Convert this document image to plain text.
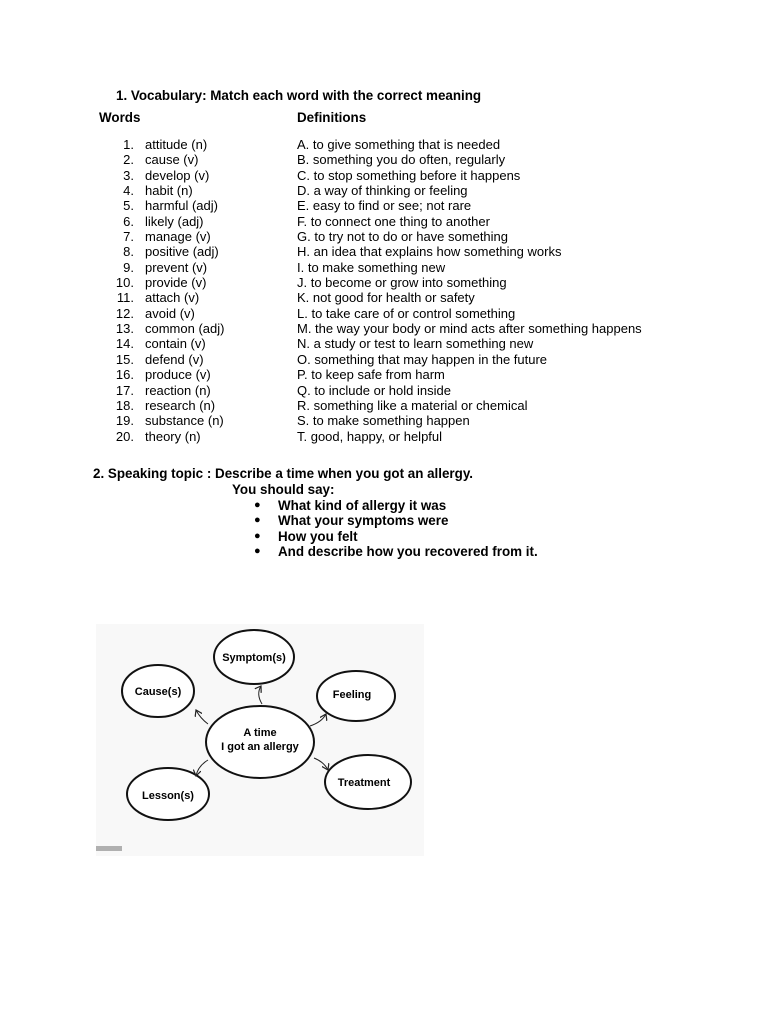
1. Vocabulary: Match each word with the correct meaning
Words	Definitions
1. attitude (n)	A. to give something that is needed
2. cause (v)	B. something you do often, regularly
3. develop (v)	C. to stop something before it happens
4. habit (n)	D. a way of thinking or feeling
5. harmful (adj)	E. easy to find or see; not rare
6. likely (adj)	F. to connect one thing to another
7. manage (v)	G. to try not to do or have something
8. positive (adj)	H. an idea that explains how something works
9. prevent (v)	I. to make something new
10. provide (v)	J. to become or grow into something
11. attach (v)	K. not good for health or safety
12. avoid (v)	L. to take care of or control something
13. common (adj)	M. the way your body or mind acts after something happens
14. contain (v)	N. a study or test to learn something new
15. defend (v)	O. something that may happen in the future
16. produce (v)	P. to keep safe from harm
17. reaction (n)	Q. to include or hold inside
18. research (n)	R. something like a material or chemical
19. substance (n)	S. to make something happen
20. theory (n)	T. good, happy, or helpful
2. Speaking topic : Describe a time when you got an allergy.
You should say:
● What kind of allergy it was
● What your symptoms were
● How you felt
● And describe how you recovered from it.
A time
I got an allergy
Symptom(s)
Cause(s)	Feeling
Treatment
Lesson(s)
